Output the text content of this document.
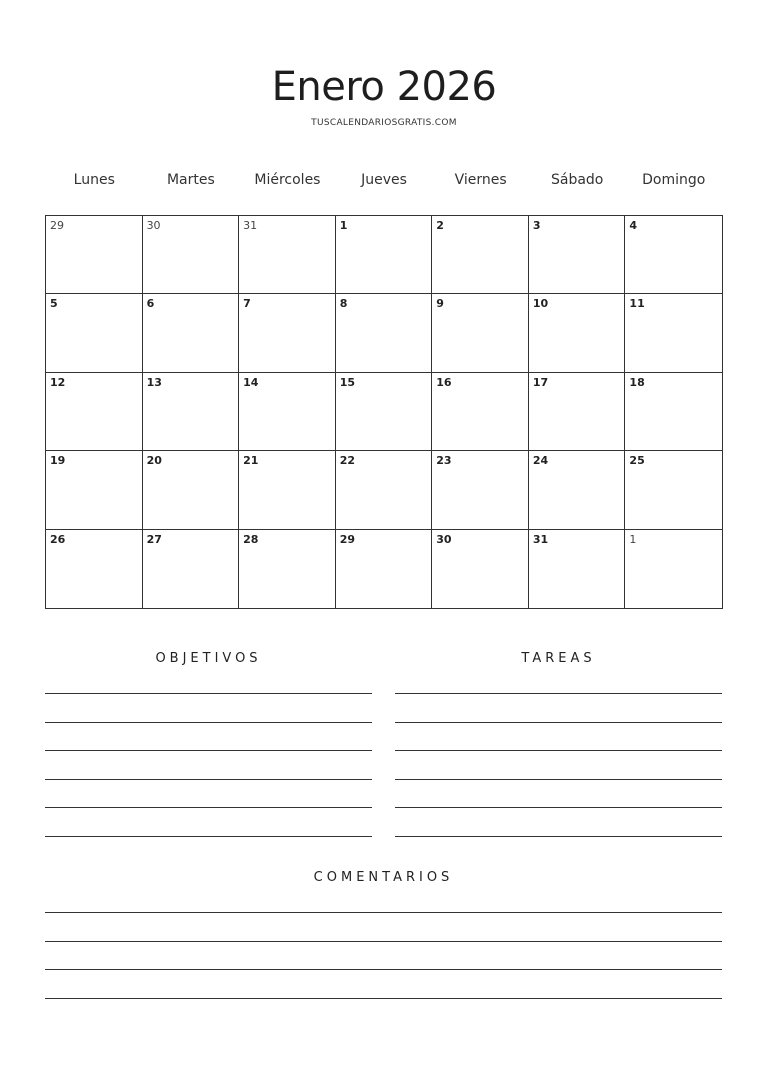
Enero 2026
TUSCALENDARIOSGRATIS.COM
Lunes	Martes	Miércoles	Jueves	Viernes	Sábado	Domingo
29	30	31	1	2	3	4
5	6	7	8	9	10	11
12	13	14	15	16	17	18
19	20	21	22	23	24	25
26	27	28	29	30	31	1
OBJETIVOS	TAREAS
COMENTARIOS
